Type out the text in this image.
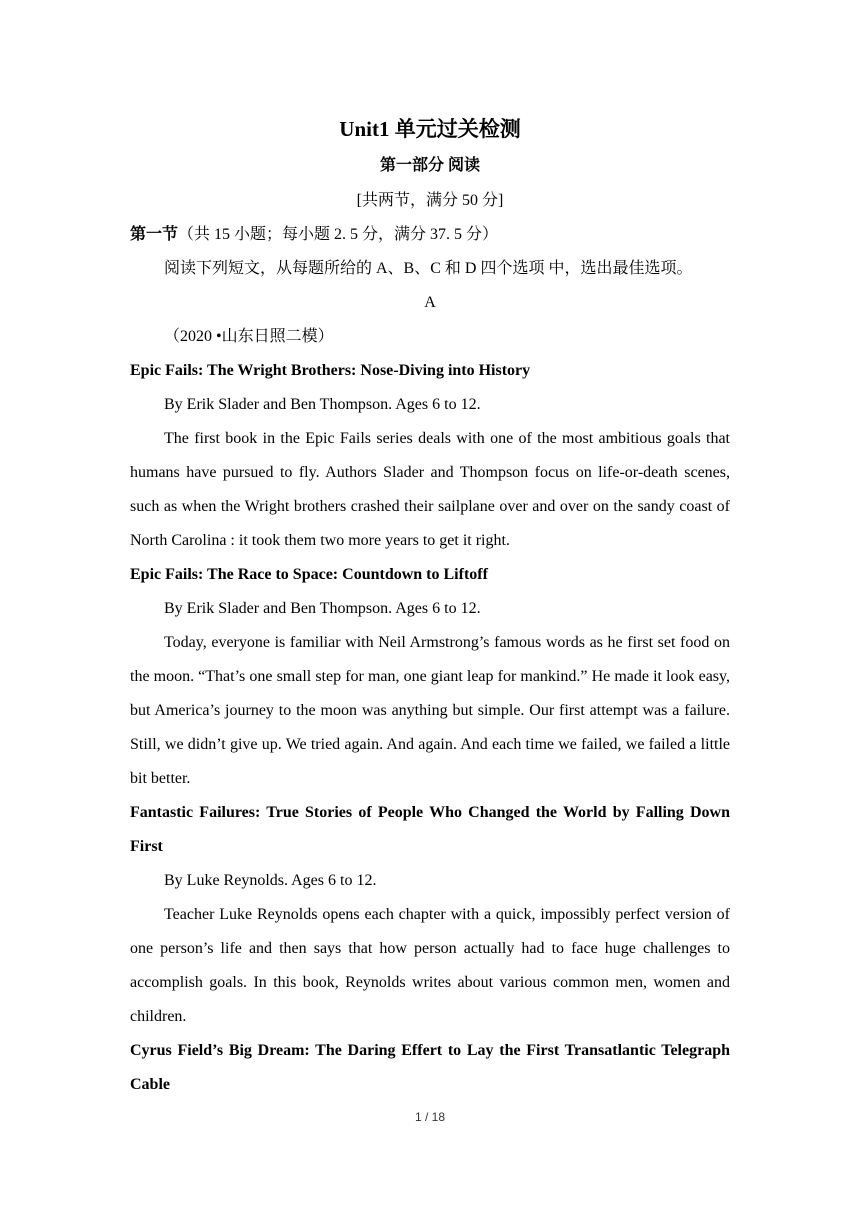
Unit1 单元过关检测

第一部分 阅读

[共两节，满分 50 分]

第一节（共 15 小题；每小题 2. 5 分，满分 37. 5 分）

阅读下列短文，从每题所给的 A、B、C 和 D 四个选项 中，选出最佳选项。

A

（2020 •山东日照二模）

Epic Fails: The Wright Brothers: Nose-Diving into History

By Erik Slader and Ben Thompson. Ages 6 to 12.

The first book in the Epic Fails series deals with one of the most ambitious goals that humans have pursued to fly. Authors Slader and Thompson focus on life-or-death scenes, such as when the Wright brothers crashed their sailplane over and over on the sandy coast of North Carolina : it took them two more years to get it right.

Epic Fails: The Race to Space: Countdown to Liftoff

By Erik Slader and Ben Thompson. Ages 6 to 12.

Today, everyone is familiar with Neil Armstrong’s famous words as he first set food on the moon. “That’s one small step for man, one giant leap for mankind.” He made it look easy, but America’s journey to the moon was anything but simple. Our first attempt was a failure. Still, we didn’t give up. We tried again. And again. And each time we failed, we failed a little bit better.

Fantastic Failures: True Stories of People Who Changed the World by Falling Down First

By Luke Reynolds. Ages 6 to 12.

Teacher Luke Reynolds opens each chapter with a quick, impossibly perfect version of one person’s life and then says that how person actually had to face huge challenges to accomplish goals. In this book, Reynolds writes about various common men, women and children.

Cyrus Field’s Big Dream: The Daring Effert to Lay the First Transatlantic Telegraph Cable

1 / 18
